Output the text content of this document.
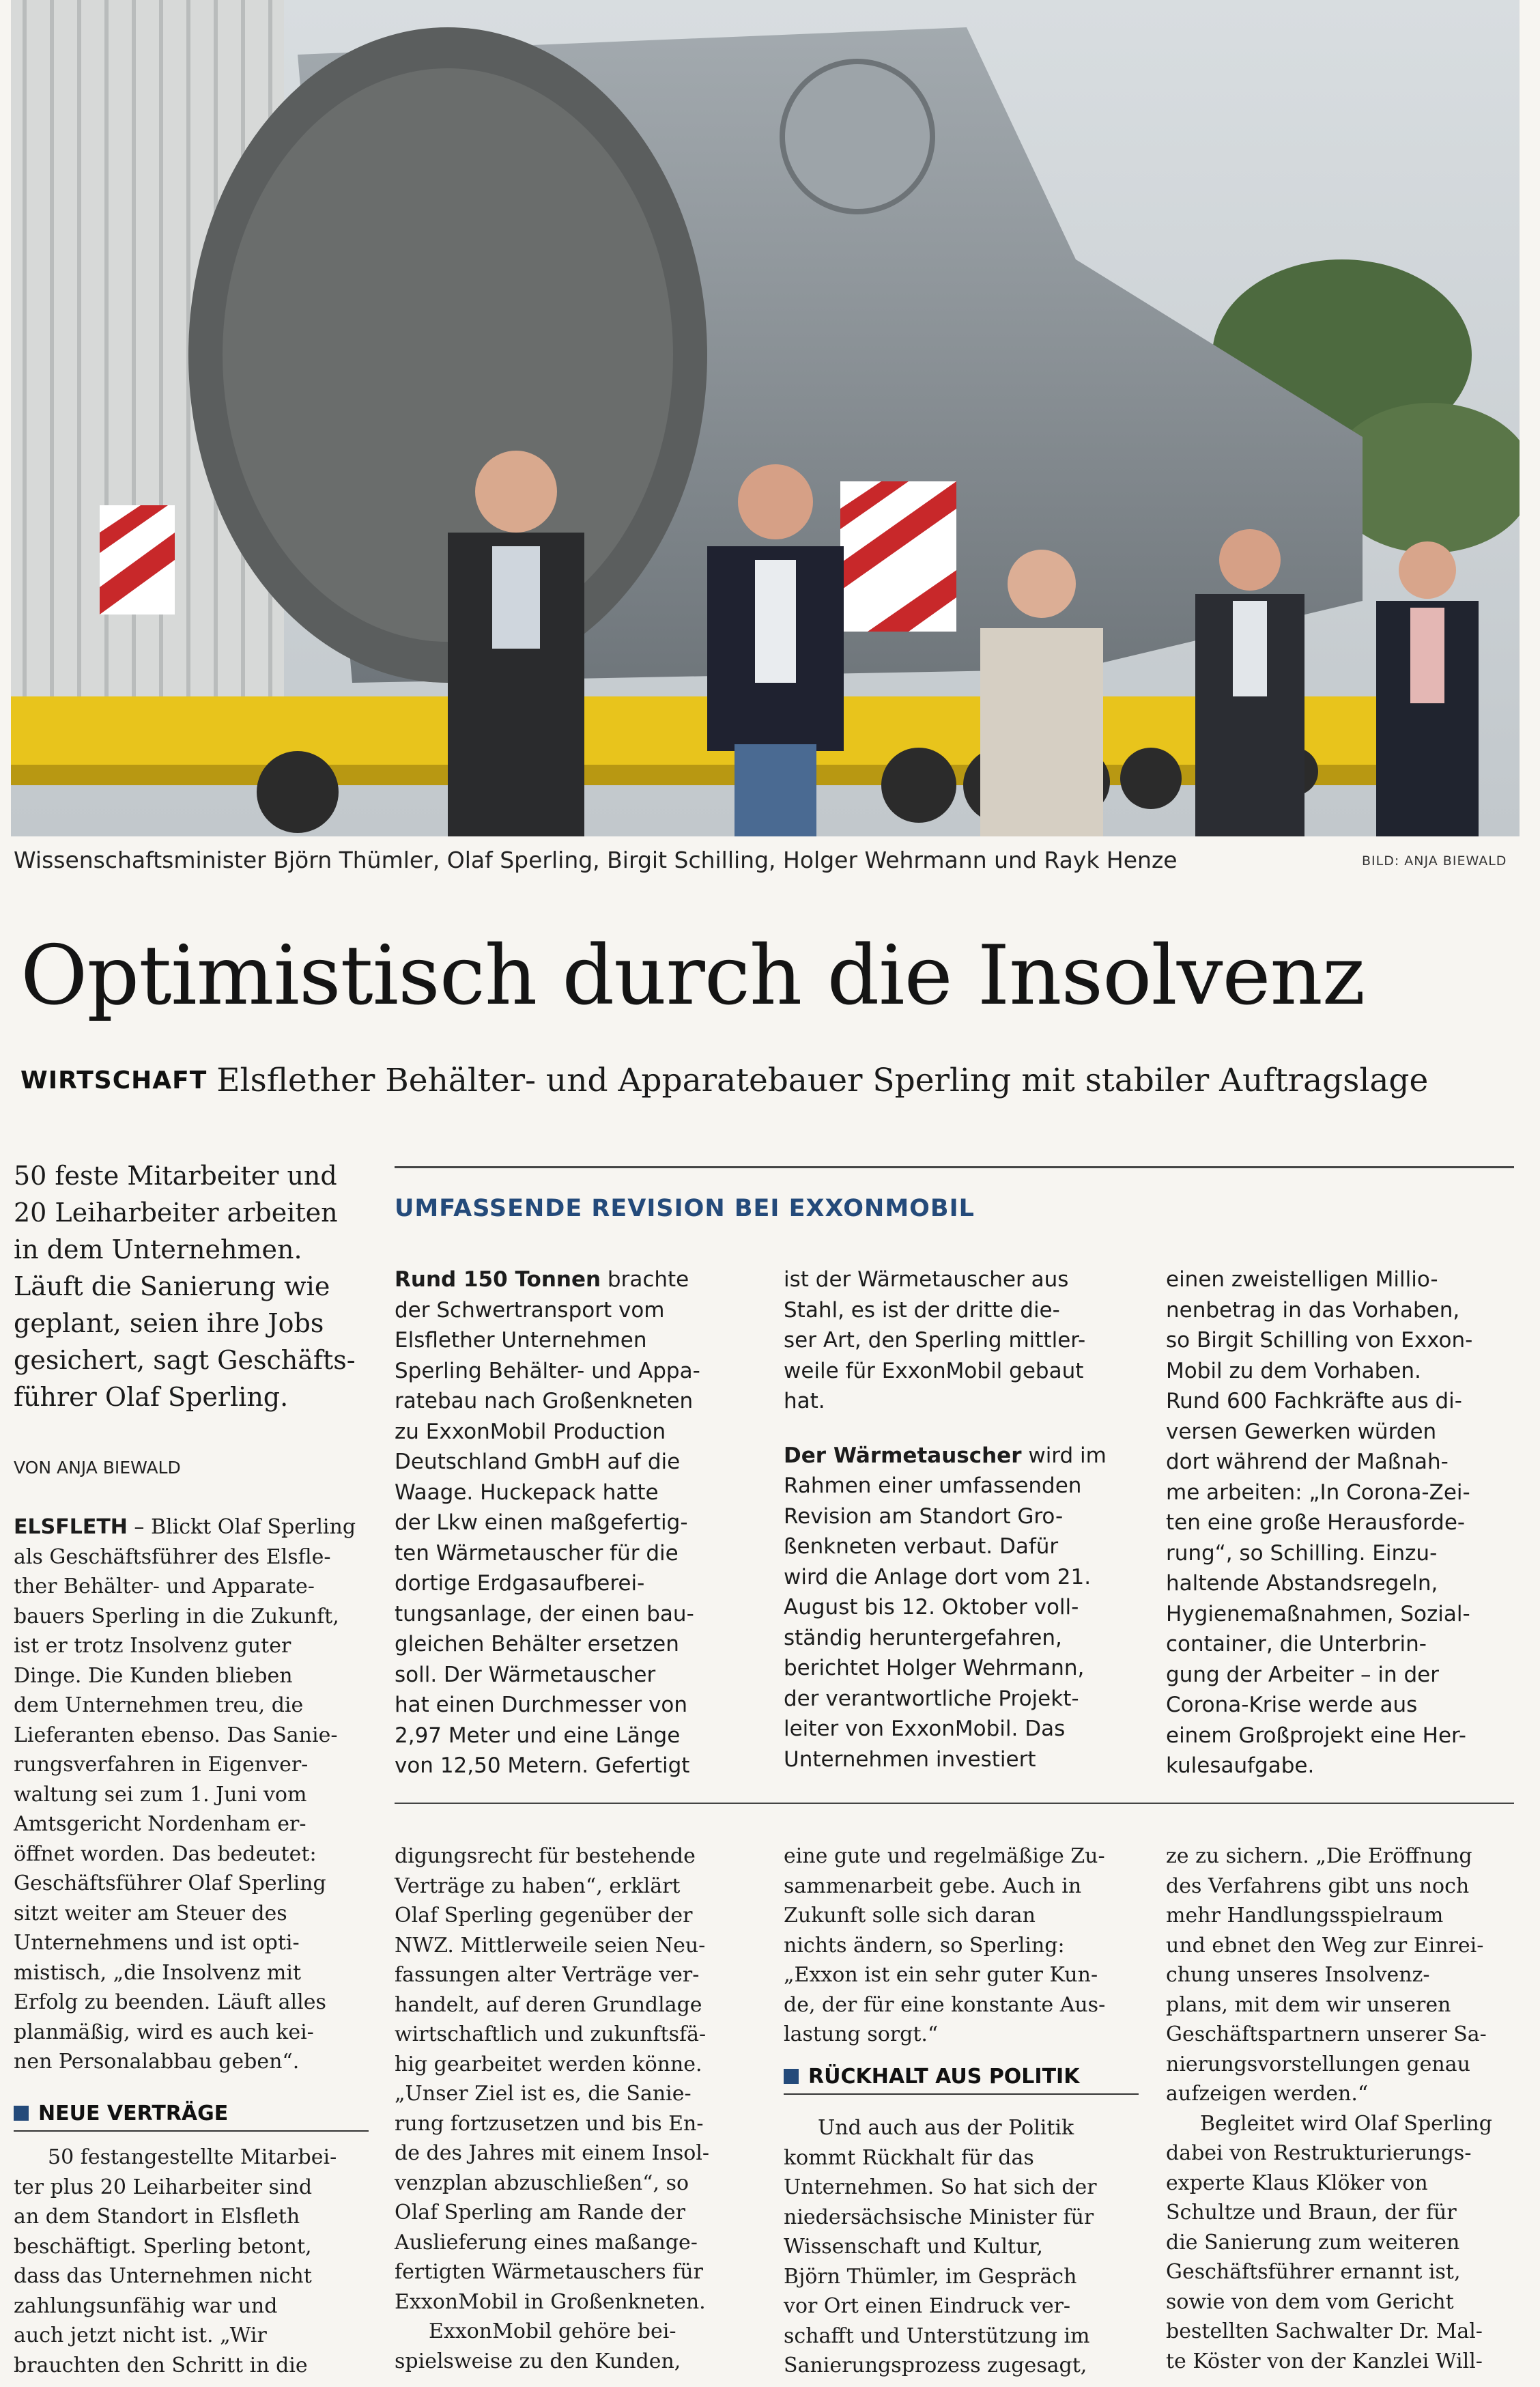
Wissenschaftsminister Björn Thümler, Olaf Sperling, Birgit Schilling, Holger Wehrmann und Rayk Henze	BILD: ANJA BIEWALD
Optimistisch durch die Insolvenz
WIRTSCHAFT Elsflether Behälter- und Apparatebauer Sperling mit stabiler Auftragslage
50 feste Mitarbeiter und
20 Leiharbeiter arbeiten
in dem Unternehmen.
Läuft die Sanierung wie
geplant, seien ihre Jobs
gesichert, sagt Geschäfts-
führer Olaf Sperling.
VON ANJA BIEWALD
ELSFLETH – Blickt Olaf Sperling
als Geschäftsführer des Elsfle-
ther Behälter- und Apparate-
bauers Sperling in die Zukunft,
ist er trotz Insolvenz guter
Dinge. Die Kunden blieben
dem Unternehmen treu, die
Lieferanten ebenso. Das Sanie-
rungsverfahren in Eigenver-
waltung sei zum 1. Juni vom
Amtsgericht Nordenham er-
öffnet worden. Das bedeutet:
Geschäftsführer Olaf Sperling
sitzt weiter am Steuer des
Unternehmens und ist opti-
mistisch, „die Insolvenz mit
Erfolg zu beenden. Läuft alles
planmäßig, wird es auch kei-
nen Personalabbau geben“.
NEUE VERTRÄGE
50 festangestellte Mitarbei-
ter plus 20 Leiharbeiter sind
an dem Standort in Elsfleth
beschäftigt. Sperling betont,
dass das Unternehmen nicht
zahlungsunfähig war und
auch jetzt nicht ist. „Wir
brauchten den Schritt in die
UMFASSENDE REVISION BEI EXXONMOBIL
Rund 150 Tonnen brachte
der Schwertransport vom
Elsflether Unternehmen
Sperling Behälter- und Appa-
ratebau nach Großenkneten
zu ExxonMobil Production
Deutschland GmbH auf die
Waage. Huckepack hatte
der Lkw einen maßgefertig-
ten Wärmetauscher für die
dortige Erdgasaufberei-
tungsanlage, der einen bau-
gleichen Behälter ersetzen
soll. Der Wärmetauscher
hat einen Durchmesser von
2,97 Meter und eine Länge
von 12,50 Metern. Gefertigt
ist der Wärmetauscher aus
Stahl, es ist der dritte die-
ser Art, den Sperling mittler-
weile für ExxonMobil gebaut
hat.
Der Wärmetauscher wird im
Rahmen einer umfassenden
Revision am Standort Gro-
ßenkneten verbaut. Dafür
wird die Anlage dort vom 21.
August bis 12. Oktober voll-
ständig heruntergefahren,
berichtet Holger Wehrmann,
der verantwortliche Projekt-
leiter von ExxonMobil. Das
Unternehmen investiert
einen zweistelligen Millio-
nenbetrag in das Vorhaben,
so Birgit Schilling von Exxon-
Mobil zu dem Vorhaben.
Rund 600 Fachkräfte aus di-
versen Gewerken würden
dort während der Maßnah-
me arbeiten: „In Corona-Zei-
ten eine große Herausforde-
rung“, so Schilling. Einzu-
haltende Abstandsregeln,
Hygienemaßnahmen, Sozial-
container, die Unterbrin-
gung der Arbeiter – in der
Corona-Krise werde aus
einem Großprojekt eine Her-
kulesaufgabe.
digungsrecht für bestehende
Verträge zu haben“, erklärt
Olaf Sperling gegenüber der
NWZ. Mittlerweile seien Neu-
fassungen alter Verträge ver-
handelt, auf deren Grundlage
wirtschaftlich und zukunftsfä-
hig gearbeitet werden könne.
„Unser Ziel ist es, die Sanie-
rung fortzusetzen und bis En-
de des Jahres mit einem Insol-
venzplan abzuschließen“, so
Olaf Sperling am Rande der
Auslieferung eines maßange-
fertigten Wärmetauschers für
ExxonMobil in Großenkneten.
ExxonMobil gehöre bei-
spielsweise zu den Kunden,
eine gute und regelmäßige Zu-
sammenarbeit gebe. Auch in
Zukunft solle sich daran
nichts ändern, so Sperling:
„Exxon ist ein sehr guter Kun-
de, der für eine konstante Aus-
lastung sorgt.“
RÜCKHALT AUS POLITIK
Und auch aus der Politik
kommt Rückhalt für das
Unternehmen. So hat sich der
niedersächsische Minister für
Wissenschaft und Kultur,
Björn Thümler, im Gespräch
vor Ort einen Eindruck ver-
schafft und Unterstützung im
Sanierungsprozess zugesagt,
ze zu sichern. „Die Eröffnung
des Verfahrens gibt uns noch
mehr Handlungsspielraum
und ebnet den Weg zur Einrei-
chung unseres Insolvenz-
plans, mit dem wir unseren
Geschäftspartnern unserer Sa-
nierungsvorstellungen genau
aufzeigen werden.“
Begleitet wird Olaf Sperling
dabei von Restrukturierungs-
experte Klaus Klöker von
Schultze und Braun, der für
die Sanierung zum weiteren
Geschäftsführer ernannt ist,
sowie von dem vom Gericht
bestellten Sachwalter Dr. Mal-
te Köster von der Kanzlei Will-
